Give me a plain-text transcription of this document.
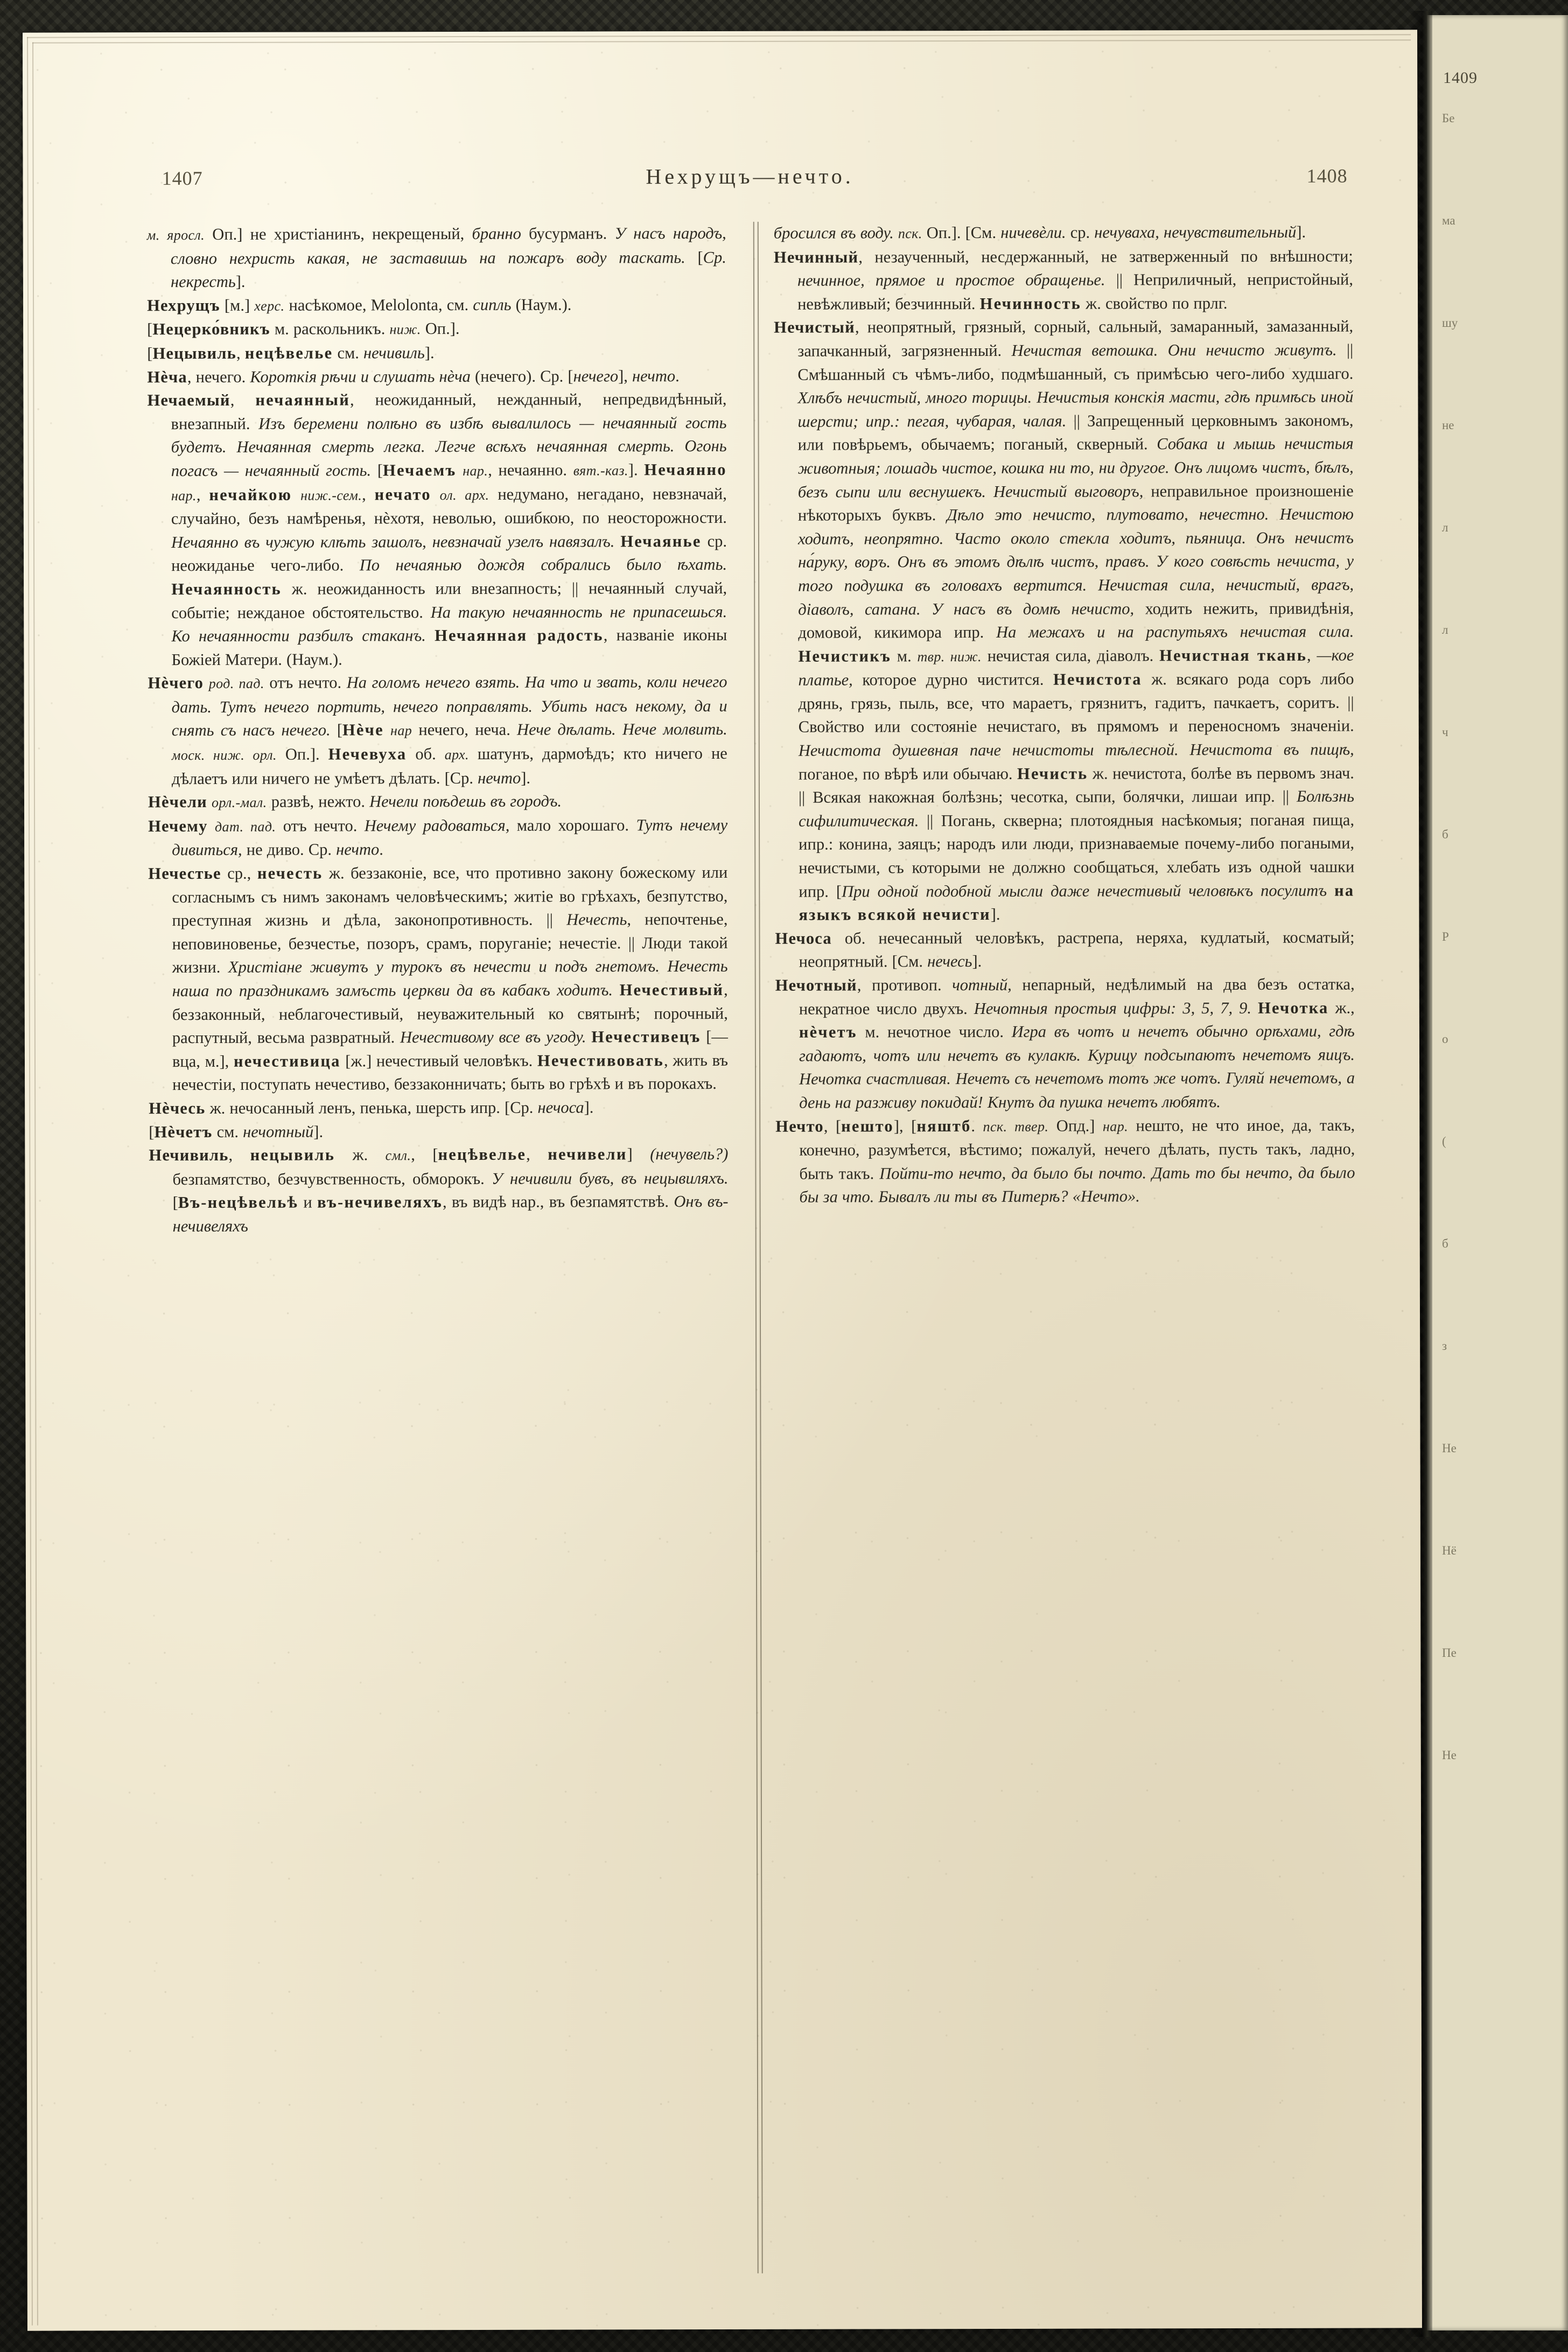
1409
Бе
ма
шу
не
л
л
ч
б
Р
о
(
б
з
Не
Нё
Пе
Не
1407	1408
Нехрущъ—нечто.

м. яросл. Оп.] не христiанинъ, некрещеный, бранно бусурманъ. У насъ народъ, словно нехристь какая, не заставишь на пожаръ воду таскать. [Ср. некресть].

Нехрущъ [м.] херс. насѣкомое, Melolonta, см. сипль (Наум.).

[Нецерко́вникъ м. раскольникъ. ниж. Оп.].

[Нецывиль, нецѣвелье см. нечивиль].

Нѐча, нечего. Короткiя рѣчи и слушать нѐча (нечего). Ср. [нечего], нечто.

Нечаемый, нечаянный, неожиданный, нежданный, непредвидѣнный, внезапный. Изъ беремени полѣно въ избѣ вывалилось — нечаянный гость будетъ. Нечаянная смерть легка. Легче всѣхъ нечаянная смерть. Огонь погасъ — нечаянный гость. [Нечаемъ нар., нечаянно. вят.-каз.]. Нечаянно нар., нечайкою ниж.-сем., нечато ол. арх. недумано, негадано, невзначай, случайно, безъ намѣренья, нѐхотя, неволью, ошибкою, по неосторожности. Нечаянно въ чужую клѣть зашолъ, невзначай узелъ навязалъ. Нечаянье ср. неожиданье чего-либо. По нечаянью дождя собрались было ѣхать. Нечаянность ж. неожиданность или внезапность; || нечаянный случай, событiе; нежданое обстоятельство. На такую нечаянность не припасешься. Ко нечаянности разбилъ стаканъ. Нечаянная радость, названiе иконы Божiей Матери. (Наум.).

Нѐчего род. пад. отъ нечто. На голомъ нечего взять. На что и звать, коли нечего дать. Тутъ нечего портить, нечего поправлять. Убить насъ некому, да и снять съ насъ нечего. [Нѐче нар нечего, неча. Нече дѣлать. Нече молвить. моск. ниж. орл. Оп.]. Нечевуха об. арх. шатунъ, дармоѣдъ; кто ничего не дѣлаетъ или ничего не умѣетъ дѣлать. [Ср. нечто].

Нѐчели орл.-мал. развѣ, нежто. Нечели поѣдешь въ городъ.

Нечему дат. пад. отъ нечто. Нечему радоваться, мало хорошаго. Тутъ нечему дивиться, не диво. Ср. нечто.

Нечестье ср., нечесть ж. беззаконiе, все, что противно закону божескому или согласнымъ съ нимъ законамъ человѣческимъ; житiе во грѣхахъ, безпутство, преступная жизнь и дѣла, законопротивность. || Нечесть, непочтенье, неповиновенье, безчестье, позоръ, срамъ, поруганiе; нечестiе. || Люди такой жизни. Христiане живутъ у турокъ въ нечести и подъ гнетомъ. Нечесть наша по праздникамъ замъсть церкви да въ кабакъ ходитъ. Нечестивый, беззаконный, неблагочестивый, неуважительный ко святынѣ; порочный, распутный, весьма развратный. Нечестивому все въ угоду. Нечестивецъ [—вца, м.], нечестивица [ж.] нечестивый человѣкъ. Нечестивовать, жить въ нечестiи, поступать нечестиво, беззаконничать; быть во грѣхѣ и въ порокахъ.

Нѐчесь ж. нечосанный ленъ, пенька, шерсть ипр. [Ср. нечоса].

[Нѐчетъ см. нечотный].

Нечивиль, нецывиль ж. смл., [нецѣвелье, нечивели] (нечувель?) безпамятство, безчувственность, обморокъ. У нечивили бувъ, въ нецывиляхъ. [Въ-нецѣвельѣ и въ-нечивеляхъ, въ видѣ нар., въ безпамятствѣ. Онъ въ-нечивеляхъ

бросился въ воду. пск. Оп.]. [См. ничевѐли. ср. нечуваха, нечувствительный].

Нечинный, незаученный, несдержанный, не затверженный по внѣшности; нечинное, прямое и простое обращенье. || Неприличный, непристойный, невѣжливый; безчинный. Нечинность ж. свойство по прлг.

Нечистый, неопрятный, грязный, сорный, сальный, замаранный, замазанный, запачканный, загрязненный. Нечистая ветошка. Они нечисто живутъ. || Смѣшанный съ чѣмъ-либо, подмѣшанный, съ примѣсью чего-либо худшаго. Хлѣбъ нечистый, много торицы. Нечистыя конскiя масти, гдѣ примѣсь иной шерсти; ипр.: пегая, чубарая, чалая. || Запрещенный церковнымъ закономъ, или повѣрьемъ, обычаемъ; поганый, скверный. Собака и мышь нечистыя животныя; лошадь чистое, кошка ни то, ни другое. Онъ лицомъ чистъ, бѣлъ, безъ сыпи или веснушекъ. Нечистый выговоръ, неправильное произношенiе нѣкоторыхъ буквъ. Дѣло это нечисто, плутовато, нечестно. Нечистою ходитъ, неопрятно. Часто около стекла ходитъ, пьяница. Онъ нечистъ на́руку, воръ. Онъ въ этомъ дѣлѣ чистъ, правъ. У кого совѣсть нечиста, у того подушка въ головахъ вертится. Нечистая сила, нечистый, врагъ, дiаволъ, сатана. У насъ въ домѣ нечисто, ходить нежить, привидѣнiя, домовой, кикимора ипр. На межахъ и на распутьяхъ нечистая сила. Нечистикъ м. твр. ниж. нечистая сила, дiаволъ. Нечистная ткань, —кое платье, которое дурно чистится. Нечистота ж. всякаго рода соръ либо дрянь, грязь, пыль, все, что мараетъ, грязнитъ, гадитъ, пачкаетъ, соритъ. || Свойство или состоянiе нечистаго, въ прямомъ и переносномъ значенiи. Нечистота душевная паче нечистоты тѣлесной. Нечистота въ пищѣ, поганое, по вѣрѣ или обычаю. Нечисть ж. нечистота, болѣе въ первомъ знач. || Всякая накожная болѣзнь; чесотка, сыпи, болячки, лишаи ипр. || Болѣзнь сифилитическая. || Погань, скверна; плотоядныя насѣкомыя; поганая пища, ипр.: конина, заяцъ; народъ или люди, признаваемые почему-либо погаными, нечистыми, съ которыми не должно сообщаться, хлебать изъ одной чашки ипр. [При одной подобной мысли даже нечестивый человѣкъ посулитъ на языкъ всякой нечисти].

Нечоса об. нечесанный человѣкъ, растрепа, неряха, кудлатый, косматый; неопрятный. [См. нечесь].

Нечотный, противоп. чотный, непарный, недѣлимый на два безъ остатка, некратное число двухъ. Нечотныя простыя цифры: 3, 5, 7, 9. Нечотка ж., нѐчетъ м. нечотное число. Игра въ чотъ и нечетъ обычно орѣхами, гдѣ гадаютъ, чотъ или нечетъ въ кулакѣ. Курицу подсыпаютъ нечетомъ яицъ. Нечотка счастливая. Нечетъ съ нечетомъ тотъ же чотъ. Гуляй нечетомъ, а день на разживу покидай! Кнутъ да пушка нечетъ любятъ.

Нечто, [нешто], [няштб. пск. твер. Опд.] нар. нешто, не что иное, да, такъ, конечно, разумѣется, вѣстимо; пожалуй, нечего дѣлать, пусть такъ, ладно, быть такъ. Пойти-то нечто, да было бы почто. Дать то бы нечто, да было бы за что. Бывалъ ли ты въ Питерѣ? «Нечто».
